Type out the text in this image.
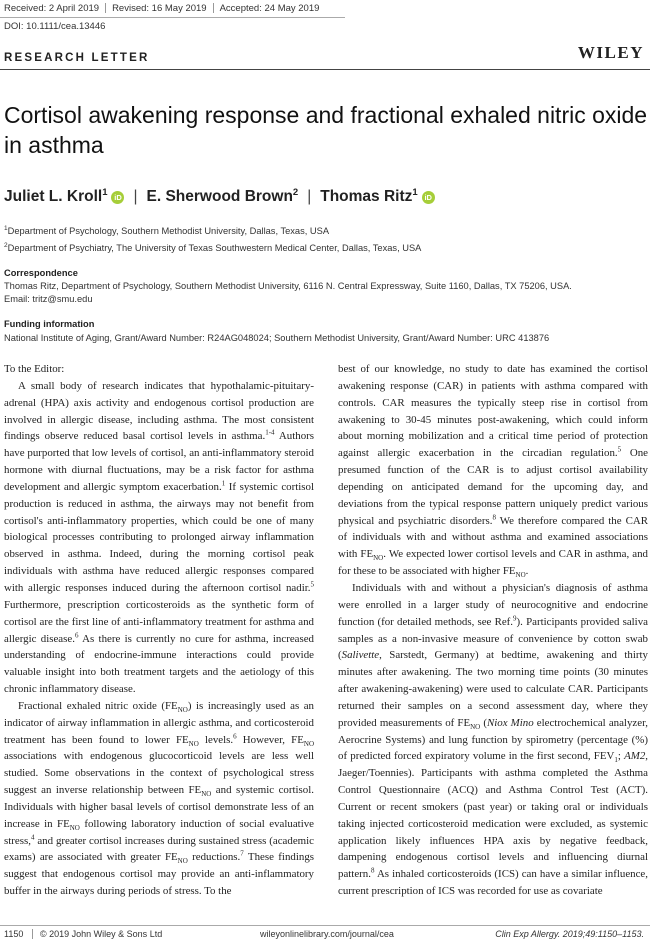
Received: 2 April 2019 Revised: 16 May 2019 Accepted: 24 May 2019
DOI: 10.1111/cea.13446
RESEARCH LETTER	WILEY
Cortisol awakening response and fractional exhaled nitric oxide in asthma
Juliet L. Kroll$^1$ iD | E. Sherwood Brown$^2$ | Thomas Ritz$^1$ iD
$^1$Department of Psychology, Southern Methodist University, Dallas, Texas, USA
$^2$Department of Psychiatry, The University of Texas Southwestern Medical Center, Dallas, Texas, USA
Correspondence
Thomas Ritz, Department of Psychology, Southern Methodist University, 6116 N. Central Expressway, Suite 1160, Dallas, TX 75206, USA.
Email: tritz@smu.edu
Funding information
National Institute of Aging, Grant/Award Number: R24AG048024; Southern Methodist University, Grant/Award Number: URC 413876

To the Editor:

A small body of research indicates that hypothalamic-pituitary-adrenal (HPA) axis activity and endogenous cortisol production are involved in allergic disease, including asthma. The most consistent findings observe reduced basal cortisol levels in asthma.$^{1-4}$ Authors have purported that low levels of cortisol, an anti-inflammatory steroid hormone with diurnal fluctuations, may be a risk factor for asthma development and allergic symptom exacerbation.$^1$ If systemic cortisol production is reduced in asthma, the airways may not benefit from cortisol's anti-inflammatory properties, which could be one of many biological processes contributing to prolonged airway inflammation observed in asthma. Indeed, during the morning cortisol peak individuals with asthma have reduced allergic responses compared with allergic responses induced during the afternoon cortisol nadir.$^5$ Furthermore, prescription corticosteroids as the synthetic form of cortisol are the first line of anti-inflammatory treatment for asthma and allergic disease.$^6$ As there is currently no cure for asthma, increased understanding of endocrine-immune interactions could provide valuable insight into both treatment targets and the aetiology of this chronic inflammatory disease.

Fractional exhaled nitric oxide $(FE_{NO})$ is increasingly used as an indicator of airway inflammation in allergic asthma, and corticosteroid treatment has been found to lower $FE_{NO}$ levels.$^6$ However, $FE_{NO}$ associations with endogenous glucocorticoid levels are less well studied. Some observations in the context of psychological stress suggest an inverse relationship between $FE_{NO}$ and systemic cortisol. Individuals with higher basal levels of cortisol demonstrate less of an increase in $FE_{NO}$ following laboratory induction of social evaluative stress,$^4$ and greater cortisol increases during sustained stress (academic exams) are associated with greater $FE_{NO}$ reductions.$^7$ These findings suggest that endogenous cortisol may provide an anti-inflammatory buffer in the airways during periods of stress. To the

best of our knowledge, no study to date has examined the cortisol awakening response (CAR) in patients with asthma compared with controls. CAR measures the typically steep rise in cortisol from awakening to 30-45 minutes post-awakening, which could inform about morning mobilization and a critical time period of protection against allergic exacerbation in the circadian regulation.$^5$ One presumed function of the CAR is to adjust cortisol availability depending on anticipated demand for the upcoming day, and deviations from the typical response pattern uniquely predict various physical and psychiatric disorders.$^8$ We therefore compared the CAR of individuals with and without asthma and examined associations with $FE_{NO}$. We expected lower cortisol levels and CAR in asthma, and for these to be associated with higher $FE_{NO}$.

Individuals with and without a physician's diagnosis of asthma were enrolled in a larger study of neurocognitive and endocrine function (for detailed methods, see Ref.$^9$). Participants provided saliva samples as a non-invasive measure of convenience by cotton swab (Salivette, Sarstedt, Germany) at bedtime, awakening and thirty minutes after awakening. The two morning time points (30 minutes after awakening-awakening) were used to calculate CAR. Participants returned their samples on a second assessment day, where they provided measurements of $FE_{NO}$ (Niox Mino electrochemical analyzer, Aerocrine Systems) and lung function by spirometry (percentage (%) of predicted forced expiratory volume in the first second, $FEV_1$; AM2, Jaeger/Toennies). Participants with asthma completed the Asthma Control Questionnaire (ACQ) and Asthma Control Test (ACT). Current or recent smokers (past year) or taking oral or individuals taking injected corticosteroid medication were excluded, as systemic application likely influences HPA axis by negative feedback, dampening endogenous cortisol levels and influencing diurnal pattern.$^8$ As inhaled corticosteroids (ICS) can have a similar influence, current prescription of ICS was recorded for use as covariate

1150	© 2019 John Wiley & Sons Ltd	wileyonlinelibrary.com/journal/cea	Clin Exp Allergy. 2019;49:1150–1153.
